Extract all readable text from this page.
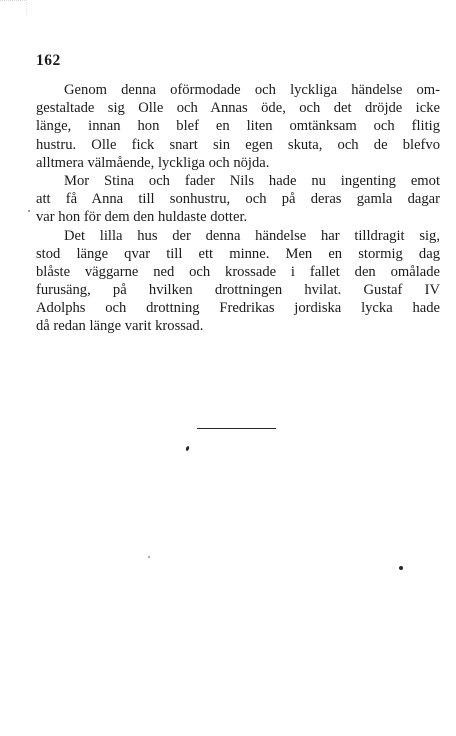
162
Genom denna oförmodade och lyckliga händelse om-
gestaltade sig Olle och Annas öde, och det dröjde icke
länge, innan hon blef en liten omtänksam och flitig
hustru. Olle fick snart sin egen skuta, och de blefvo
alltmera välmående, lyckliga och nöjda.
Mor Stina och fader Nils hade nu ingenting emot
att få Anna till sonhustru, och på deras gamla dagar
var hon för dem den huldaste dotter.
Det lilla hus der denna händelse har tilldragit sig,
stod länge qvar till ett minne. Men en stormig dag
blåste väggarne ned och krossade i fallet den omålade
furusäng, på hvilken drottningen hvilat. Gustaf IV
Adolphs och drottning Fredrikas jordiska lycka hade
då redan länge varit krossad.
